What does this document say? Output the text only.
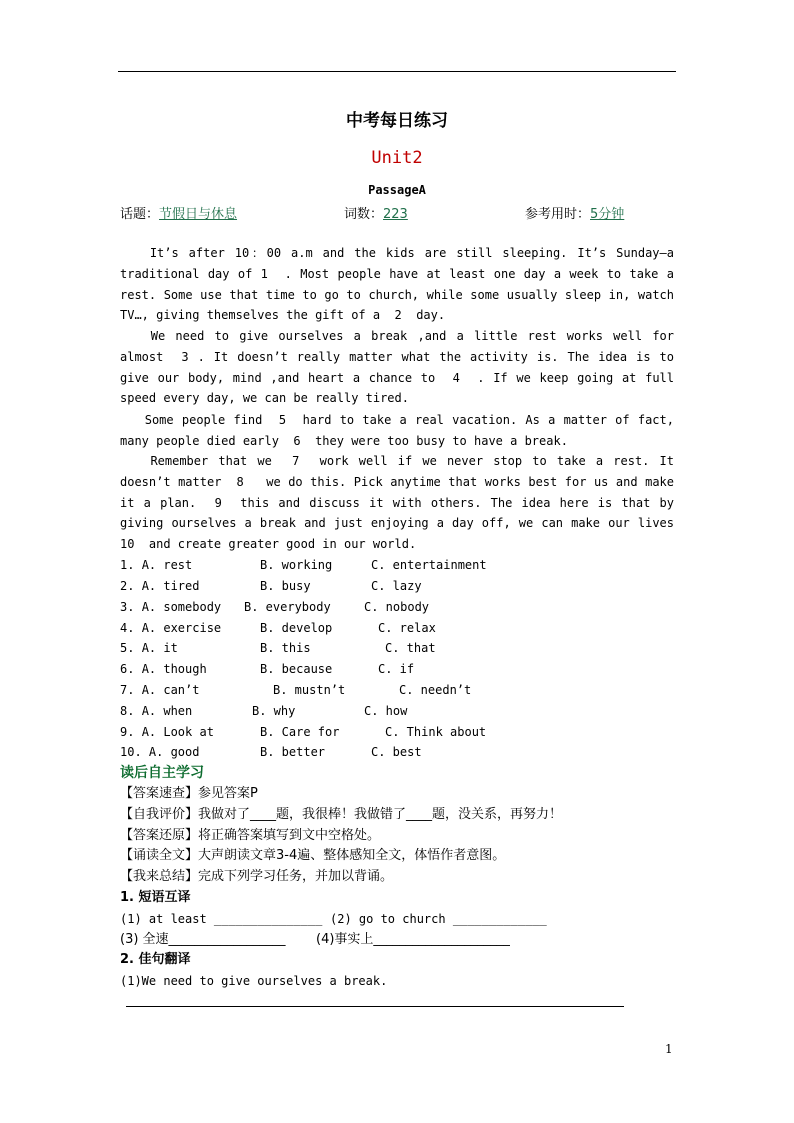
中考每日练习
Unit2
PassageA
话题：节假日与休息	词数：223	参考用时：5分钟
It’s after 10：00 a.m and the kids are still sleeping. It’s Sunday—a traditional day of 1  . Most people have at least one day a week to take a rest. Some use that time to go to church, while some usually sleep in, watch TV…, giving themselves the gift of a  2  day.
We need to give ourselves a break ,and a little rest works well for almost  3 . It doesn’t really matter what the activity is. The idea is to give our body, mind ,and heart a chance to  4  . If we keep going at full speed every day, we can be really tired.
Some people find  5  hard to take a real vacation. As a matter of fact, many people died early  6  they were too busy to have a break.
Remember that we  7  work well if we never stop to take a rest. It doesn’t matter  8   we do this. Pick anytime that works best for us and make it a plan.  9  this and discuss it with others. The idea here is that by giving ourselves a break and just enjoying a day off, we can make our lives  10  and create greater good in our world.
1. A. rest	B. working	C. entertainment
2. A. tired	B. busy	C. lazy
3. A. somebody B. everybody	C. nobody
4. A. exercise	B. develop	C. relax
5. A. it	B. this	C. that
6. A. though	B. because	C. if
7. A. can’t	B. mustn’t	C. needn’t
8. A. when	B. why	C. how
9. A. Look at	B. Care for	C. Think about
10. A. good	B. better	C. best
读后自主学习
【答案速查】参见答案P
【自我评价】我做对了____题，我很棒！我做错了____题，没关系，再努力！
【答案还原】将正确答案填写到文中空格处。
【诵读全文】大声朗读文章3-4遍、整体感知全文，体悟作者意图。
【我来总结】完成下列学习任务，并加以背诵。
1. 短语互译
(1) at least _______________ (2) go to church _____________
(3) 全速__________________ (4)事实上_____________________
2. 佳句翻译
(1)We need to give ourselves a break.
1
